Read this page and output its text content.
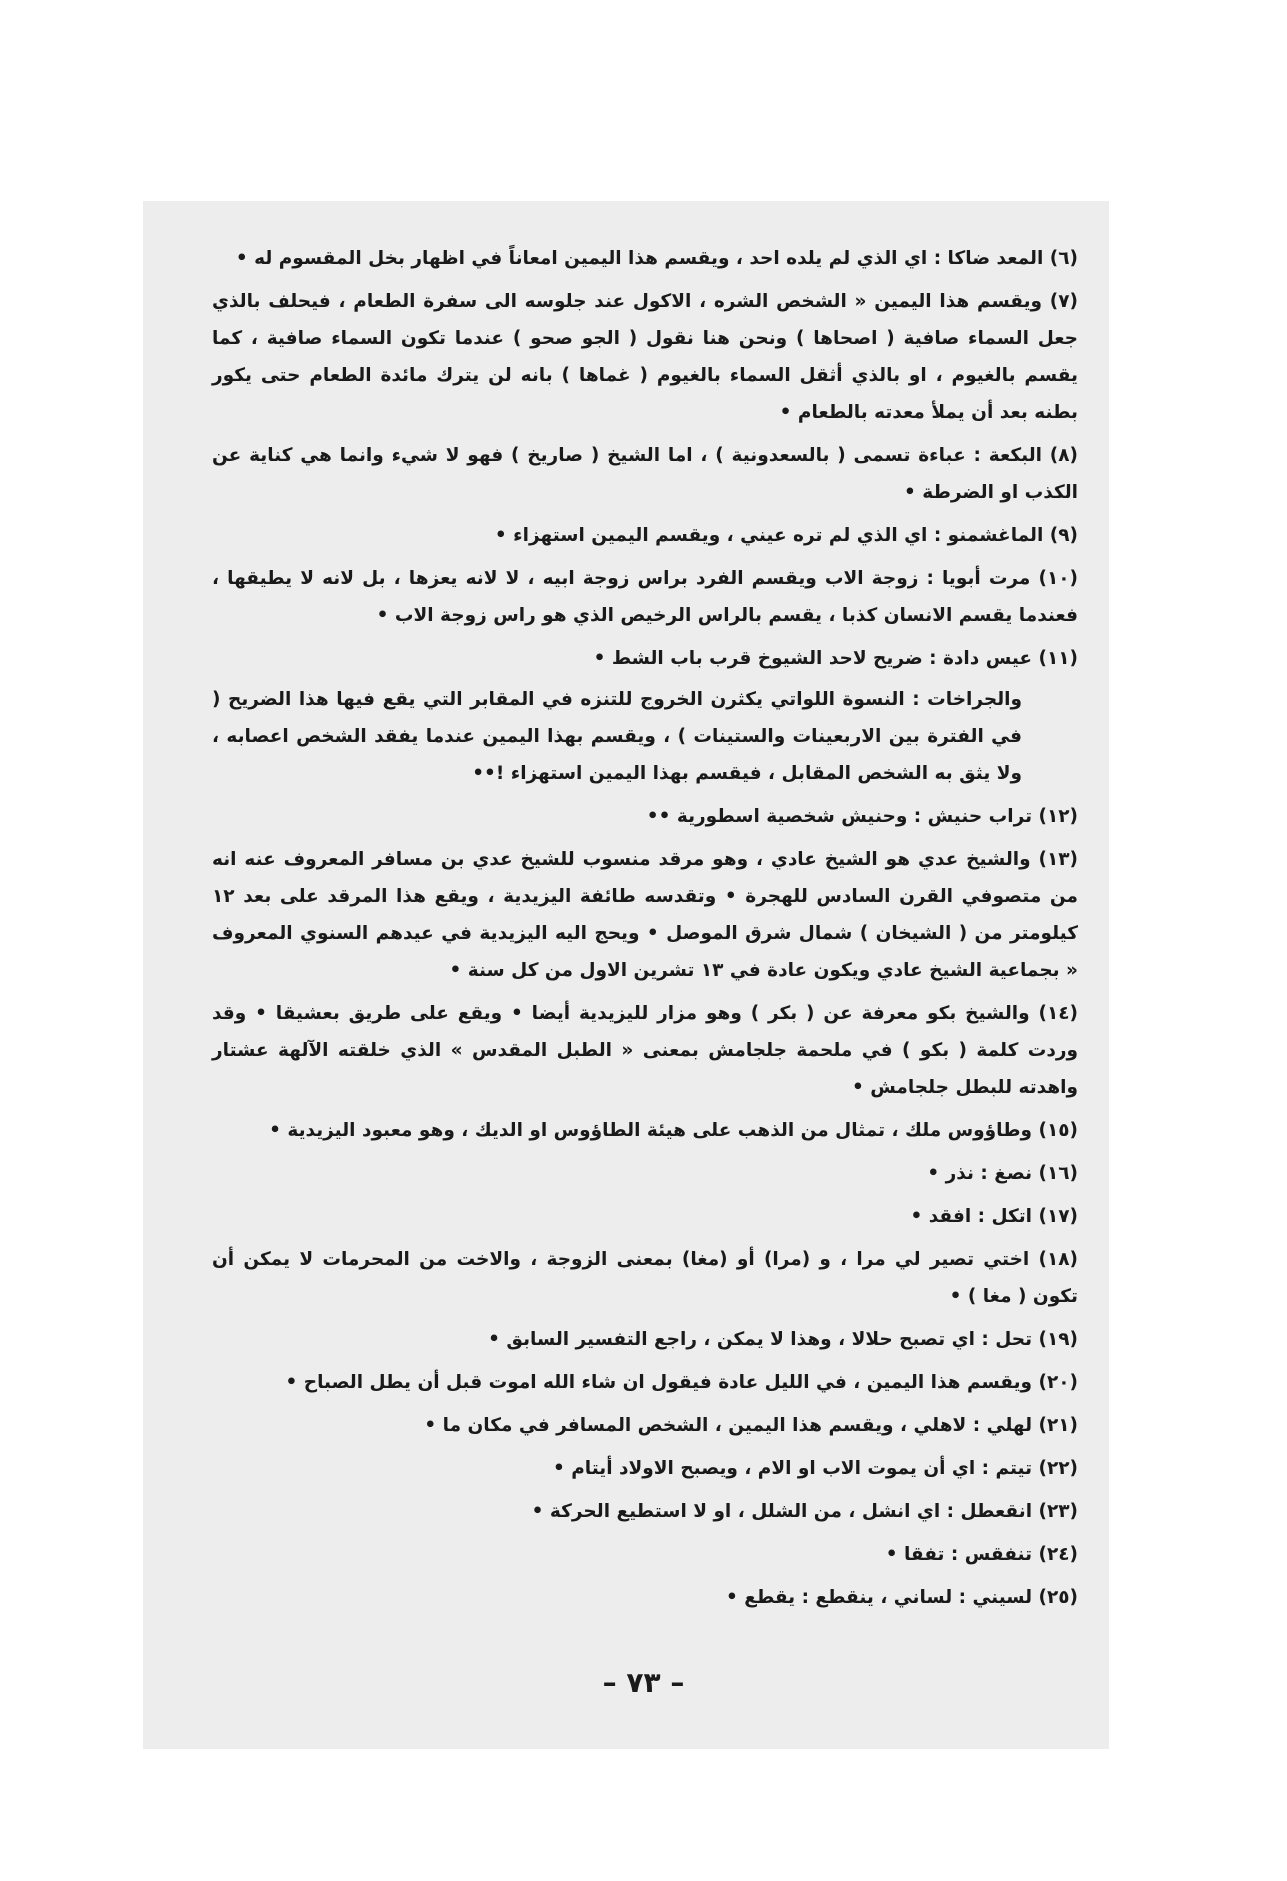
(٦) المعد ضاكا : اي الذي لم يلده احد ، ويقسم هذا اليمين امعاناً في اظهار بخل المقسوم له •

(٧) ويقسم هذا اليمين « الشخص الشره ، الاكول عند جلوسه الى سفرة الطعام ، فيحلف بالذي جعل السماء صافية ( اصحاها ) ونحن هنا نقول ( الجو صحو ) عندما تكون السماء صافية ، كما يقسم بالغيوم ، او بالذي أثقل السماء بالغيوم ( غماها ) بانه لن يترك مائدة الطعام حتى يكور بطنه بعد أن يملأ معدته بالطعام •

(٨) البكعة : عباءة تسمى ( بالسعدونية ) ، اما الشيخ ( صاريخ ) فهو لا شيء وانما هي كناية عن الكذب او الضرطة •

(٩) الماغشمنو : اي الذي لم تره عيني ، ويقسم اليمين استهزاء •

(١٠) مرت أبويا : زوجة الاب ويقسم الفرد براس زوجة ابيه ، لا لانه يعزها ، بل لانه لا يطيقها ، فعندما يقسم الانسان كذبا ، يقسم بالراس الرخيص الذي هو راس زوجة الاب •

(١١) عيس دادة : ضريح لاحد الشيوخ قرب باب الشط •

والجراخات : النسوة اللواتي يكثرن الخروج للتنزه في المقابر التي يقع فيها هذا الضريح ( في الفترة بين الاربعينات والستينات ) ، ويقسم بهذا اليمين عندما يفقد الشخص اعصابه ، ولا يثق به الشخص المقابل ، فيقسم بهذا اليمين استهزاء !••

(١٢) تراب حنيش : وحنيش شخصية اسطورية ••

(١٣) والشيخ عدي هو الشيخ عادي ، وهو مرقد منسوب للشيخ عدي بن مسافر المعروف عنه انه من متصوفي القرن السادس للهجرة • وتقدسه طائفة اليزيدية ، ويقع هذا المرقد على بعد ١٢ كيلومتر من ( الشيخان ) شمال شرق الموصل • ويحج اليه اليزيدية في عيدهم السنوي المعروف « بجماعية الشيخ عادي ويكون عادة في ١٣ تشرين الاول من كل سنة •

(١٤) والشيخ بكو معرفة عن ( بكر ) وهو مزار لليزيدية أيضا • ويقع على طريق بعشيقا • وقد وردت كلمة ( بكو ) في ملحمة جلجامش بمعنى « الطبل المقدس » الذي خلقته الآلهة عشتار واهدته للبطل جلجامش •

(١٥) وطاؤوس ملك ، تمثال من الذهب على هيئة الطاؤوس او الديك ، وهو معبود اليزيدية •

(١٦) نصغ : نذر •

(١٧) اتكل : افقد •

(١٨) اختي تصير لي مرا ، و (مرا) أو (مغا) بمعنى الزوجة ، والاخت من المحرمات لا يمكن أن تكون ( مغا ) •

(١٩) تحل : اي تصبح حلالا ، وهذا لا يمكن ، راجع التفسير السابق •

(٢٠) ويقسم هذا اليمين ، في الليل عادة فيقول ان شاء الله اموت قبل أن يطل الصباح •

(٢١) لهلي : لاهلي ، ويقسم هذا اليمين ، الشخص المسافر في مكان ما •

(٢٢) تيتم : اي أن يموت الاب او الام ، ويصبح الاولاد أيتام •

(٢٣) انقعطل : اي انشل ، من الشلل ، او لا استطيع الحركة •

(٢٤) تنفقس : تفقا •

(٢٥) لسيني : لساني ، ينقطع : يقطع •

– ٧٣ –
